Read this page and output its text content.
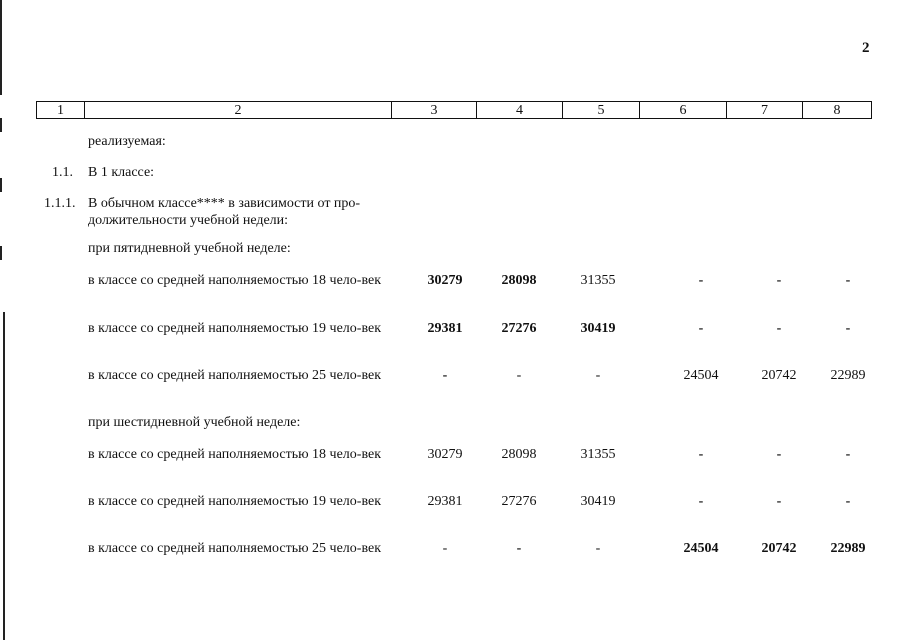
2
1	2	3	4	5	6	7	8
реализуемая:
1.1. В 1 классе:
1.1.1. В обычном классе**** в зависимости от про-должительности учебной недели:
при пятидневной учебной неделе:
в классе со средней наполняемостью 18 чело-век	30279	28098	31355	-	-	-
в классе со средней наполняемостью 19 чело-век	29381	27276	30419	-	-	-
в классе со средней наполняемостью 25 чело-век	-	-	-	24504	20742	22989
при шестидневной учебной неделе:
в классе со средней наполняемостью 18 чело-век	30279	28098	31355	-	-	-
в классе со средней наполняемостью 19 чело-век	29381	27276	30419	-	-	-
в классе со средней наполняемостью 25 чело-век	-	-	-	24504	20742	22989
